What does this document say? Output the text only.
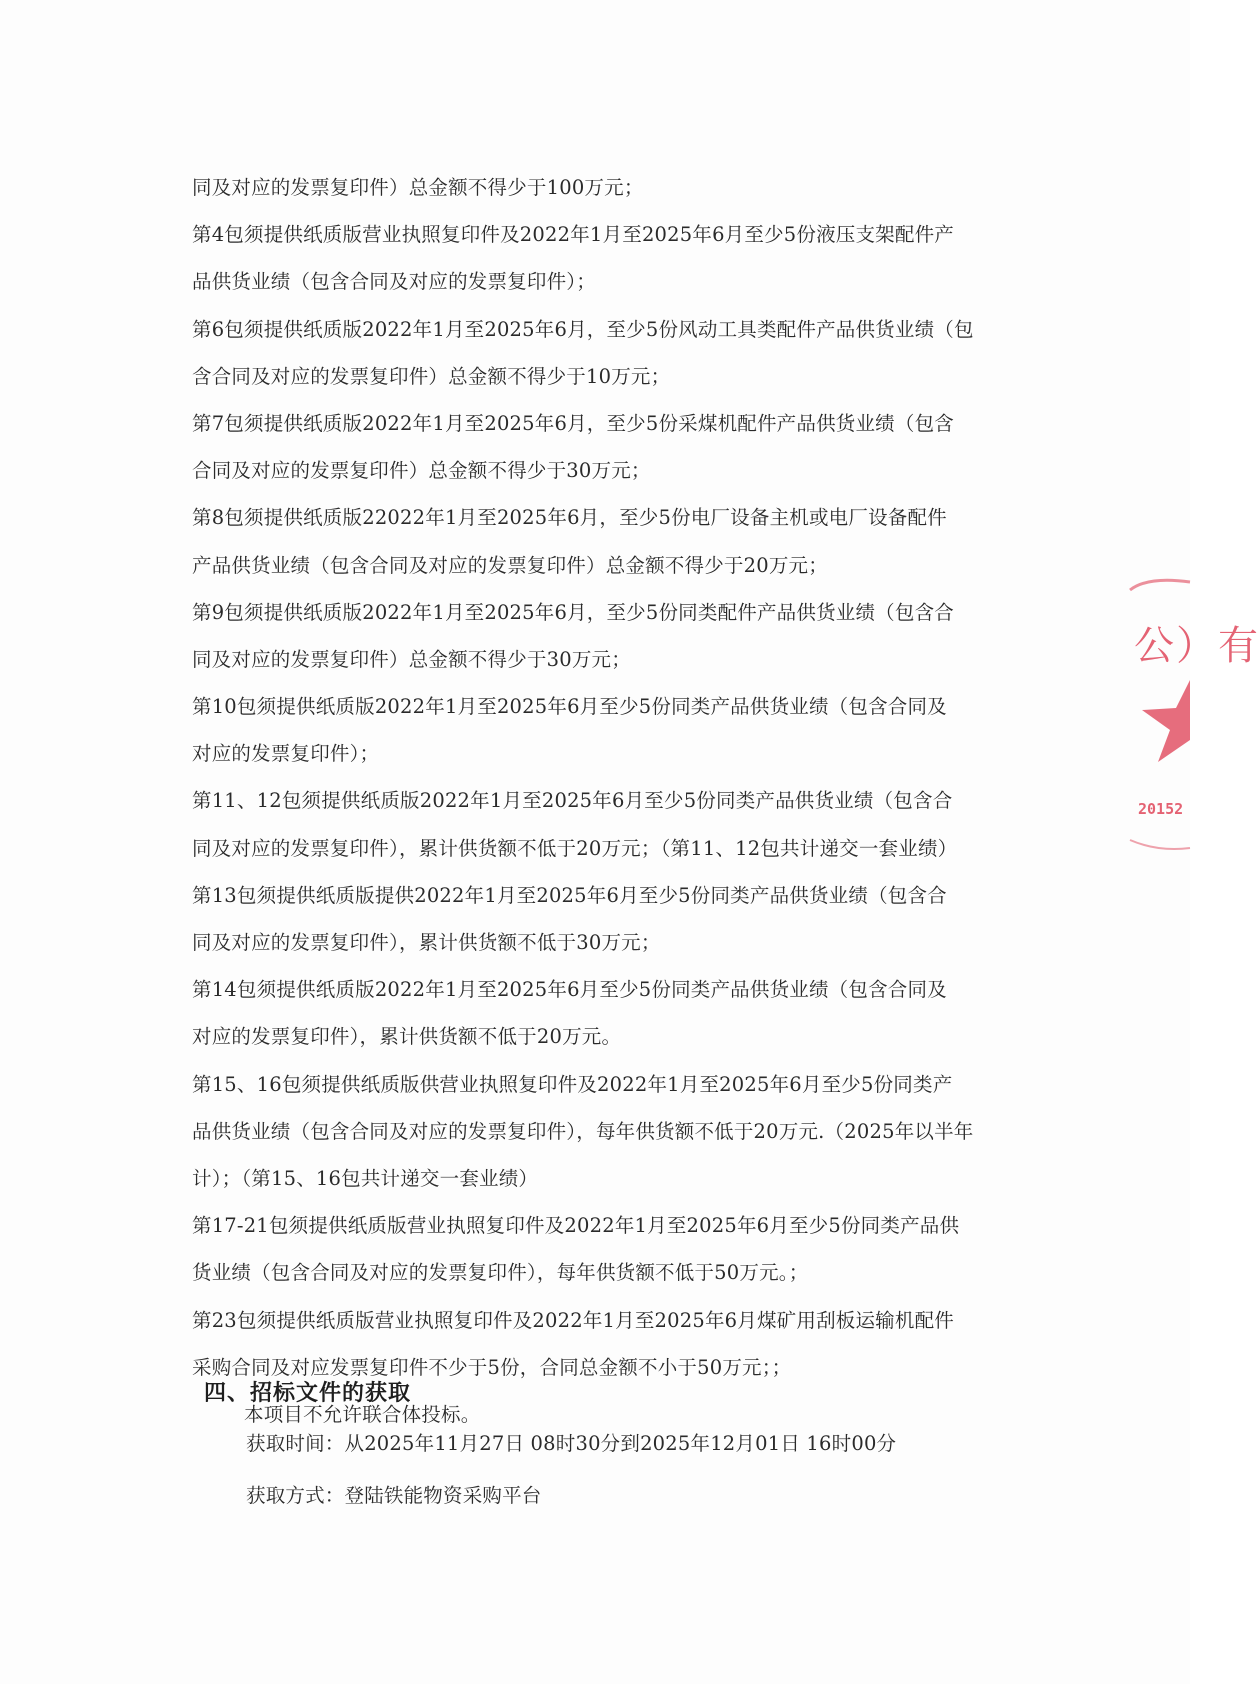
同及对应的发票复印件）总金额不得少于100万元；
第4包须提供纸质版营业执照复印件及2022年1月至2025年6月至少5份液压支架配件产
品供货业绩（包含合同及对应的发票复印件）；
第6包须提供纸质版2022年1月至2025年6月，至少5份风动工具类配件产品供货业绩（包
含合同及对应的发票复印件）总金额不得少于10万元；
第7包须提供纸质版2022年1月至2025年6月，至少5份采煤机配件产品供货业绩（包含
合同及对应的发票复印件）总金额不得少于30万元；
第8包须提供纸质版22022年1月至2025年6月，至少5份电厂设备主机或电厂设备配件
产品供货业绩（包含合同及对应的发票复印件）总金额不得少于20万元；
第9包须提供纸质版2022年1月至2025年6月，至少5份同类配件产品供货业绩（包含合
同及对应的发票复印件）总金额不得少于30万元；
第10包须提供纸质版2022年1月至2025年6月至少5份同类产品供货业绩（包含合同及
对应的发票复印件）；
第11、12包须提供纸质版2022年1月至2025年6月至少5份同类产品供货业绩（包含合
同及对应的发票复印件），累计供货额不低于20万元；（第11、12包共计递交一套业绩）
第13包须提供纸质版提供2022年1月至2025年6月至少5份同类产品供货业绩（包含合
同及对应的发票复印件），累计供货额不低于30万元；
第14包须提供纸质版2022年1月至2025年6月至少5份同类产品供货业绩（包含合同及
对应的发票复印件），累计供货额不低于20万元。
第15、16包须提供纸质版供营业执照复印件及2022年1月至2025年6月至少5份同类产
品供货业绩（包含合同及对应的发票复印件），每年供货额不低于20万元.（2025年以半年
计）；（第15、16包共计递交一套业绩）
第17-21包须提供纸质版营业执照复印件及2022年1月至2025年6月至少5份同类产品供
货业绩（包含合同及对应的发票复印件），每年供货额不低于50万元。；
第23包须提供纸质版营业执照复印件及2022年1月至2025年6月煤矿用刮板运输机配件
采购合同及对应发票复印件不少于5份，合同总金额不小于50万元；；
本项目不允许联合体投标。
四、招标文件的获取
获取时间：从2025年11月27日 08时30分到2025年12月01日 16时00分
获取方式：登陆铁能物资采购平台
公）有
20152
